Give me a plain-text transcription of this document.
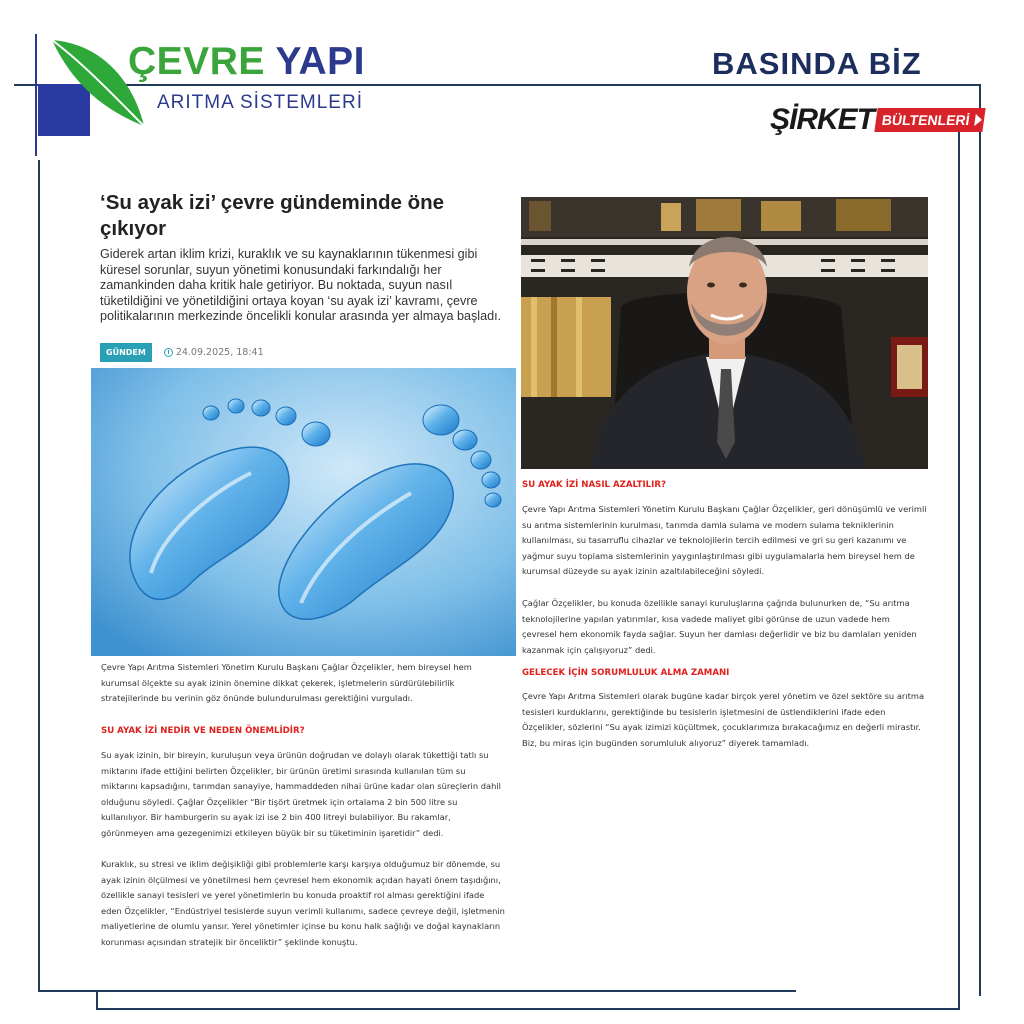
ÇEVRE YAPI
ARITMA SİSTEMLERİ
BASINDA BİZ
ŞİRKET BÜLTENLERİ
‘Su ayak izi’ çevre gündeminde öne çıkıyor
Giderek artan iklim krizi, kuraklık ve su kaynaklarının tükenmesi gibi küresel sorunlar, suyun yönetimi konusundaki farkındalığı her zamankinden daha kritik hale getiriyor. Bu noktada, suyun nasıl tüketildiğini ve yönetildiğini ortaya koyan ‘su ayak izi’ kavramı, çevre politikalarının merkezinde öncelikli konular arasında yer almaya başladı.
GÜNDEM	24.09.2025, 18:41
Çevre Yapı Arıtma Sistemleri Yönetim Kurulu Başkanı Çağlar Özçelikler, hem bireysel hem kurumsal ölçekte su ayak izinin önemine dikkat çekerek, işletmelerin sürdürülebilirlik stratejilerinde bu verinin göz önünde bulundurulması gerektiğini vurguladı.
SU AYAK İZİ NEDİR VE NEDEN ÖNEMLİDİR?
Su ayak izinin, bir bireyin, kuruluşun veya ürünün doğrudan ve dolaylı olarak tükettiği tatlı su miktarını ifade ettiğini belirten Özçelikler, bir ürünün üretimi sırasında kullanılan tüm su miktarını kapsadığını, tarımdan sanayiye, hammaddeden nihai ürüne kadar olan süreçlerin dahil olduğunu söyledi. Çağlar Özçelikler “Bir tişört üretmek için ortalama 2 bin 500 litre su kullanılıyor. Bir hamburgerin su ayak izi ise 2 bin 400 litreyi bulabiliyor. Bu rakamlar, görünmeyen ama gezegenimizi etkileyen büyük bir su tüketiminin işaretidir” dedi.
Kuraklık, su stresi ve iklim değişikliği gibi problemlerle karşı karşıya olduğumuz bir dönemde, su ayak izinin ölçülmesi ve yönetilmesi hem çevresel hem ekonomik açıdan hayati önem taşıdığını, özellikle sanayi tesisleri ve yerel yönetimlerin bu konuda proaktif rol alması gerektiğini ifade eden Özçelikler, “Endüstriyel tesislerde suyun verimli kullanımı, sadece çevreye değil, işletmenin maliyetlerine de olumlu yansır. Yerel yönetimler içinse bu konu halk sağlığı ve doğal kaynakların korunması açısından stratejik bir önceliktir” şeklinde konuştu.
SU AYAK İZİ NASIL AZALTILIR?
Çevre Yapı Arıtma Sistemleri Yönetim Kurulu Başkanı Çağlar Özçelikler, geri dönüşümlü ve verimli su arıtma sistemlerinin kurulması, tarımda damla sulama ve modern sulama tekniklerinin kullanılması, su tasarruflu cihazlar ve teknolojilerin tercih edilmesi ve gri su geri kazanımı ve yağmur suyu toplama sistemlerinin yaygınlaştırılması gibi uygulamalarla hem bireysel hem de kurumsal düzeyde su ayak izinin azaltılabileceğini söyledi.
Çağlar Özçelikler, bu konuda özellikle sanayi kuruluşlarına çağrıda bulunurken de, “Su arıtma teknolojilerine yapılan yatırımlar, kısa vadede maliyet gibi görünse de uzun vadede hem çevresel hem ekonomik fayda sağlar. Suyun her damlası değerlidir ve biz bu damlaları yeniden kazanmak için çalışıyoruz” dedi.
GELECEK İÇİN SORUMLULUK ALMA ZAMANI
Çevre Yapı Arıtma Sistemleri olarak bugüne kadar birçok yerel yönetim ve özel sektöre su arıtma tesisleri kurduklarını, gerektiğinde bu tesislerin işletmesini de üstlendiklerini ifade eden Özçelikler, sözlerini “Su ayak izimizi küçültmek, çocuklarımıza bırakacağımız en değerli mirastır. Biz, bu miras için bugünden sorumluluk alıyoruz” diyerek tamamladı.
